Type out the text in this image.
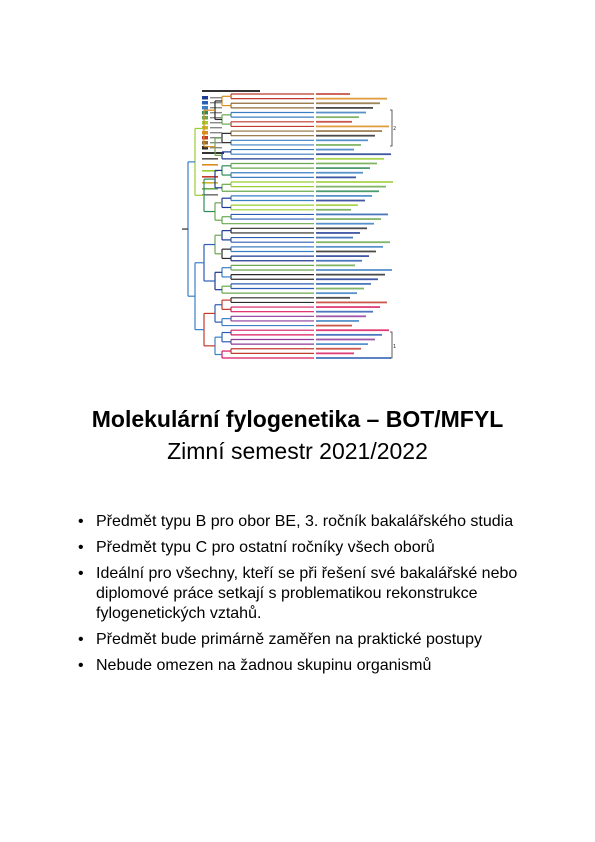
2
1
Molekulární fylogenetika – BOT/MFYL
Zimní semestr 2021/2022
• Předmět typu B pro obor BE, 3. ročník bakalářského studia
• Předmět typu C pro ostatní ročníky všech oborů
• Ideální pro všechny, kteří se při řešení své bakalářské nebo diplomové práce setkají s problematikou rekonstrukce fylogenetických vztahů.
• Předmět bude primárně zaměřen na praktické postupy
• Nebude omezen na žadnou skupinu organismů
